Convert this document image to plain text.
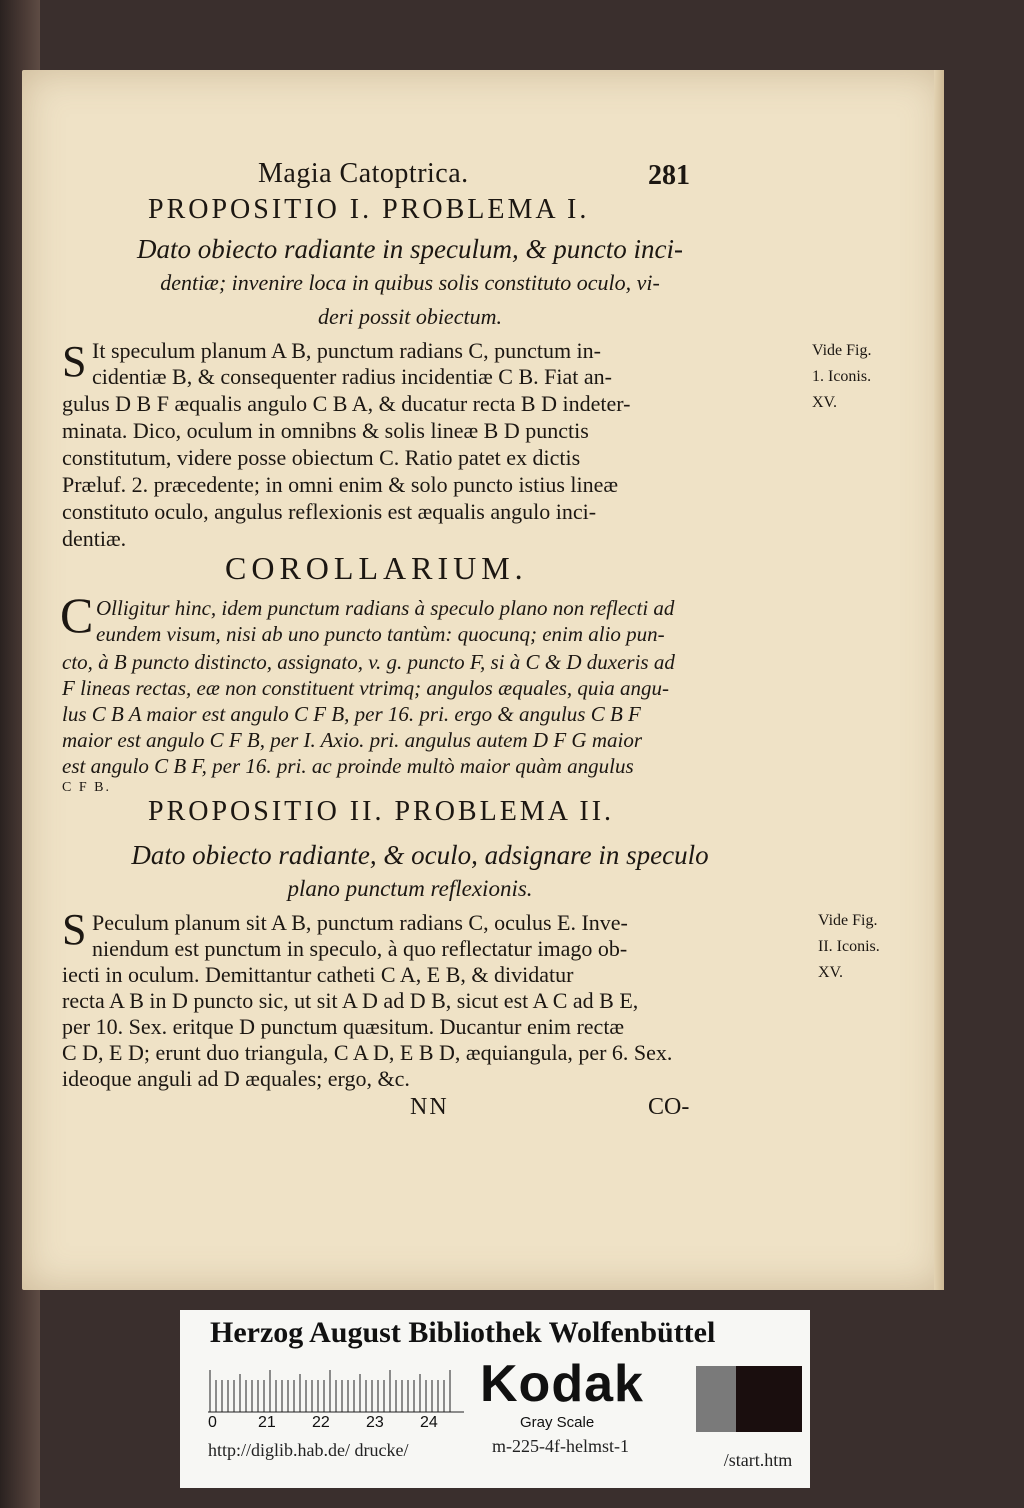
Magia Catoptrica.	281
PROPOSITIO I. PROBLEMA I.
Dato obiecto radiante in speculum, & puncto inci-
dentiæ; invenire loca in quibus solis constituto oculo, vi-
deri possit obiectum.
S It speculum planum A B, punctum radians C, punctum in-
cidentiæ B, & consequenter radius incidentiæ C B. Fiat an-
gulus D B F æqualis angulo C B A, & ducatur recta B D indeter-
minata. Dico, oculum in omnibns & solis lineæ B D punctis
constitutum, videre posse obiectum C. Ratio patet ex dictis
Præluf. 2. præcedente; in omni enim & solo puncto istius lineæ
constituto oculo, angulus reflexionis est æqualis angulo inci-
dentiæ.
Vide Fig.
1. Iconis.
XV.
COROLLARIUM.
C Olligitur hinc, idem punctum radians à speculo plano non reflecti ad
eundem visum, nisi ab uno puncto tantùm: quocunq; enim alio pun-
cto, à B puncto distincto, assignato, v. g. puncto F, si à C & D duxeris ad
F lineas rectas, eæ non constituent vtrimq; angulos æquales, quia angu-
lus C B A maior est angulo C F B, per 16. pri. ergo & angulus C B F
maior est angulo C F B, per I. Axio. pri. angulus autem D F G maior
est angulo C B F, per 16. pri. ac proinde multò maior quàm angulus
C F B.
PROPOSITIO II. PROBLEMA II.
Dato obiecto radiante, & oculo, adsignare in speculo
plano punctum reflexionis.
S Peculum planum sit A B, punctum radians C, oculus E. Inve-
niendum est punctum in speculo, à quo reflectatur imago ob-
iecti in oculum. Demittantur catheti C A, E B, & dividatur
recta A B in D puncto sic, ut sit A D ad D B, sicut est A C ad B E,
per 10. Sex. eritque D punctum quæsitum. Ducantur enim rectæ
C D, E D; erunt duo triangula, C A D, E B D, æquiangula, per 6. Sex.
ideoque anguli ad D æquales; ergo, &c.
Vide Fig.
II. Iconis.
XV.
NN	CO-
Herzog August Bibliothek Wolfenbüttel
0	21 22 23 24
Kodak
Gray Scale
http://diglib.hab.de/ drucke/	m-225-4f-helmst-1
/start.htm
